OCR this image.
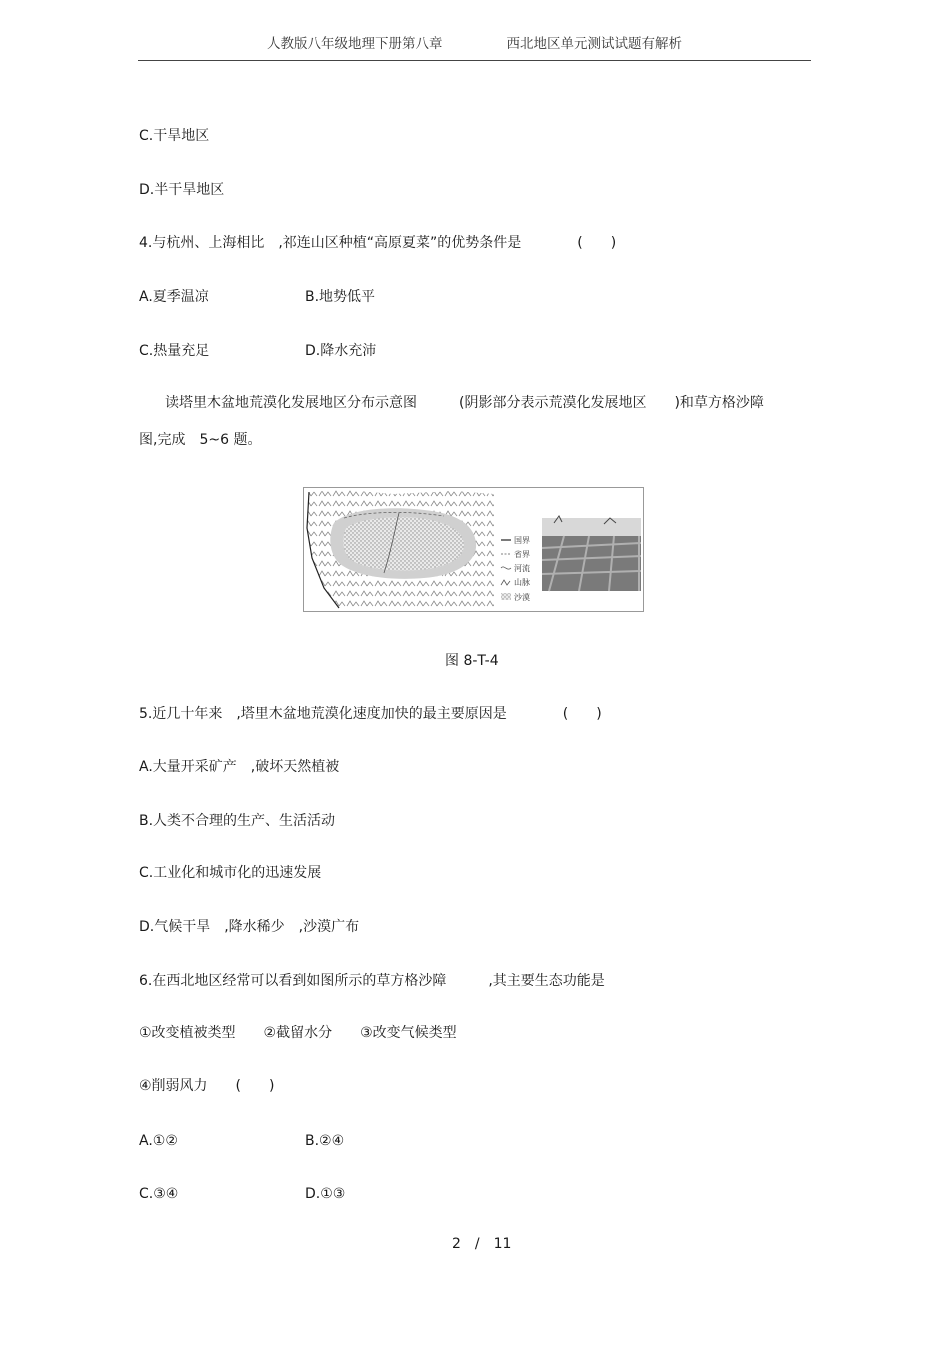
人教版八年级地理下册第八章	西北地区单元测试试题有解析
C.干旱地区
D.半干旱地区
4.与杭州、上海相比　,祁连山区种植“高原夏菜”的优势条件是　　　　(　　)
A.夏季温凉	B.地势低平
C.热量充足	D.降水充沛
读塔里木盆地荒漠化发展地区分布示意图　　　(阴影部分表示荒漠化发展地区　　)和草方格沙障
图,完成　5~6 题。
国界
省界
河流
山脉
沙漠
图 8-T-4
5.近几十年来　,塔里木盆地荒漠化速度加快的最主要原因是　　　　(　　)
A.大量开采矿产　,破坏天然植被
B.人类不合理的生产、生活活动
C.工业化和城市化的迅速发展
D.气候干旱　,降水稀少　,沙漠广布
6.在西北地区经常可以看到如图所示的草方格沙障　　　,其主要生态功能是
①改变植被类型　　②截留水分　　③改变气候类型
④削弱风力　　(　　)
A.①②	B.②④
C.③④	D.①③
2　/　11
